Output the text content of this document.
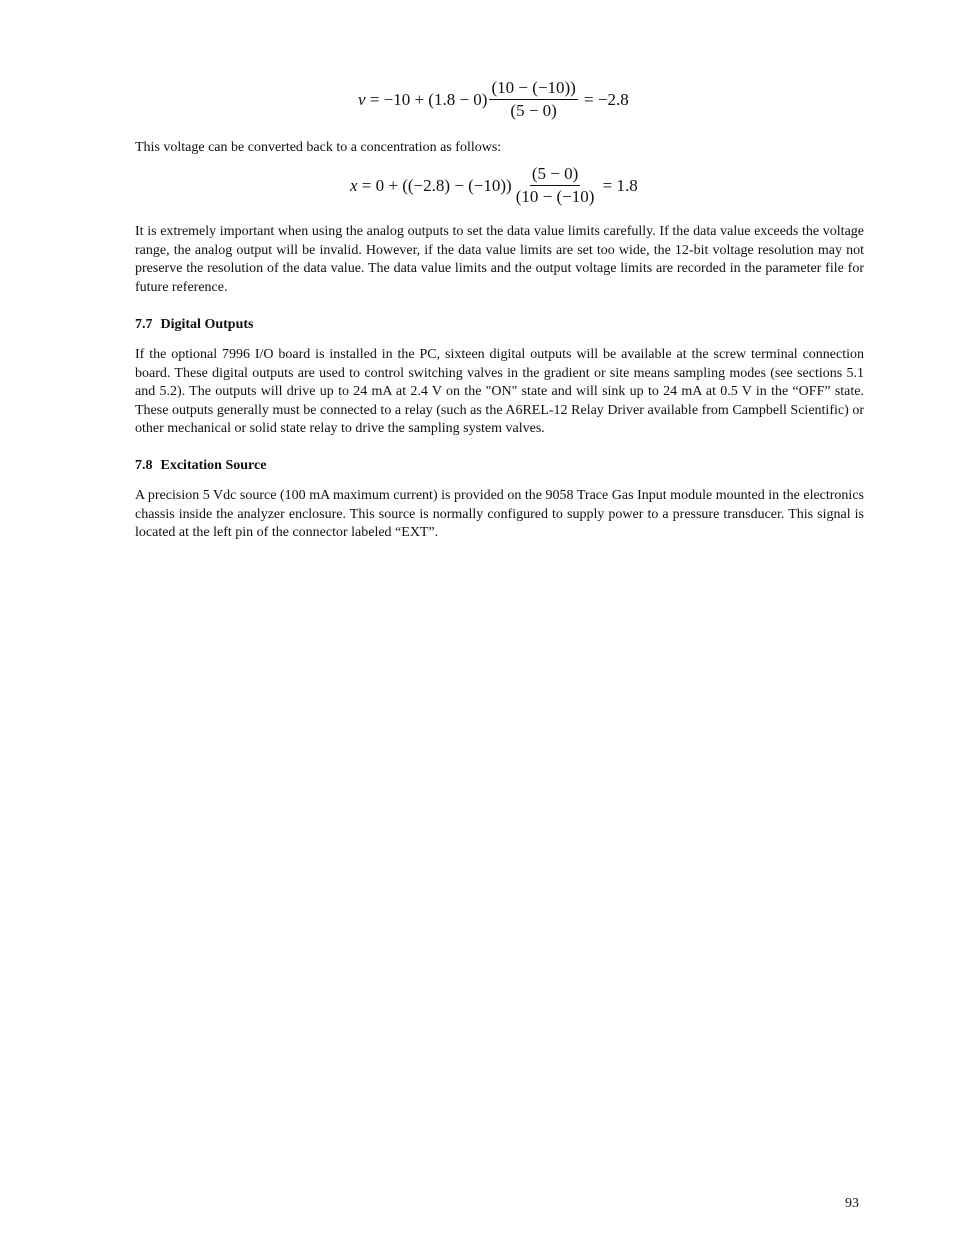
$v = -10 + (1.8 - 0) \frac{(10 - (-10))}{(5 - 0)} = -2.8$

This voltage can be converted back to a concentration as follows:

$x = 0 + ((-2.8) - (-10)) \frac{(5 - 0)}{(10 - (-10)} = 1.8$

It is extremely important when using the analog outputs to set the data value limits carefully. If the data value exceeds the voltage range, the analog output will be invalid. However, if the data value limits are set too wide, the 12-bit voltage resolution may not preserve the resolution of the data value. The data value limits and the output voltage limits are recorded in the parameter file for future reference.

7.7 Digital Outputs

If the optional 7996 I/O board is installed in the PC, sixteen digital outputs will be available at the screw terminal connection board. These digital outputs are used to control switching valves in the gradient or site means sampling modes (see sections 5.1 and 5.2). The outputs will drive up to 24 mA at 2.4 V on the "ON" state and will sink up to 24 mA at 0.5 V in the “OFF” state. These outputs generally must be connected to a relay (such as the A6REL-12 Relay Driver available from Campbell Scientific) or other mechanical or solid state relay to drive the sampling system valves.

7.8 Excitation Source

A precision 5 Vdc source (100 mA maximum current) is provided on the 9058 Trace Gas Input module mounted in the electronics chassis inside the analyzer enclosure. This source is normally configured to supply power to a pressure transducer. This signal is located at the left pin of the connector labeled “EXT”.

93
